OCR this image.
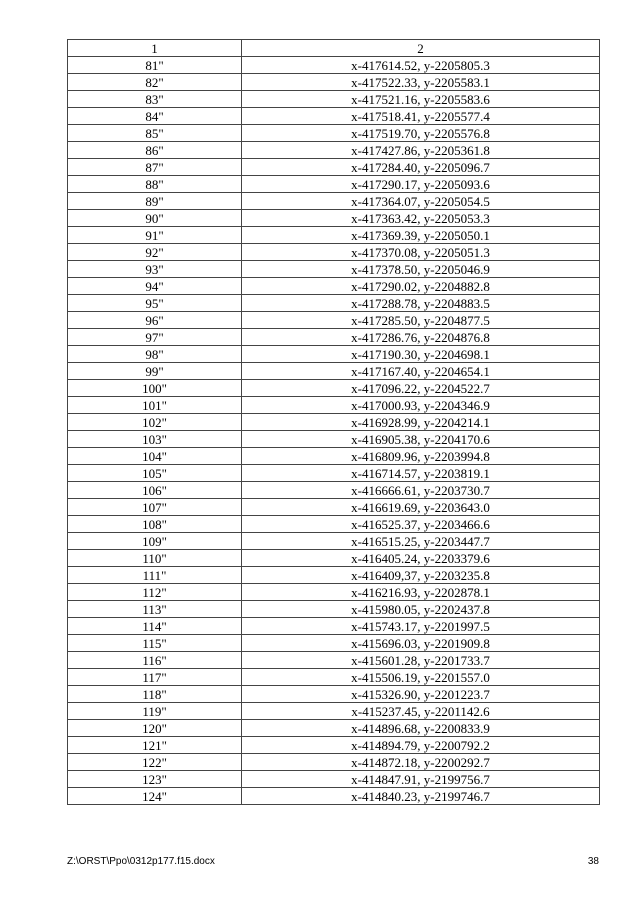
1	2
81"	x-417614.52, y-2205805.3
82"	x-417522.33, y-2205583.1
83"	x-417521.16, y-2205583.6
84"	x-417518.41, y-2205577.4
85"	x-417519.70, y-2205576.8
86"	x-417427.86, y-2205361.8
87"	x-417284.40, y-2205096.7
88"	x-417290.17, y-2205093.6
89"	x-417364.07, y-2205054.5
90"	x-417363.42, y-2205053.3
91"	x-417369.39, y-2205050.1
92"	x-417370.08, y-2205051.3
93"	x-417378.50, y-2205046.9
94"	x-417290.02, y-2204882.8
95"	x-417288.78, y-2204883.5
96"	x-417285.50, y-2204877.5
97"	x-417286.76, y-2204876.8
98"	x-417190.30, y-2204698.1
99"	x-417167.40, y-2204654.1
100"	x-417096.22, y-2204522.7
101"	x-417000.93, y-2204346.9
102"	x-416928.99, y-2204214.1
103"	x-416905.38, y-2204170.6
104"	x-416809.96, y-2203994.8
105"	x-416714.57, y-2203819.1
106"	x-416666.61, y-2203730.7
107"	x-416619.69, y-2203643.0
108"	x-416525.37, y-2203466.6
109"	x-416515.25, y-2203447.7
110"	x-416405.24, y-2203379.6
111"	x-416409,37, y-2203235.8
112"	x-416216.93, y-2202878.1
113"	x-415980.05, y-2202437.8
114"	x-415743.17, y-2201997.5
115"	x-415696.03, y-2201909.8
116"	x-415601.28, y-2201733.7
117"	x-415506.19, y-2201557.0
118"	x-415326.90, y-2201223.7
119"	x-415237.45, y-2201142.6
120"	x-414896.68, y-2200833.9
121"	x-414894.79, y-2200792.2
122"	x-414872.18, y-2200292.7
123"	x-414847.91, y-2199756.7
124"	x-414840.23, y-2199746.7
Z:\ORST\Ppo\0312p177.f15.docx	38
